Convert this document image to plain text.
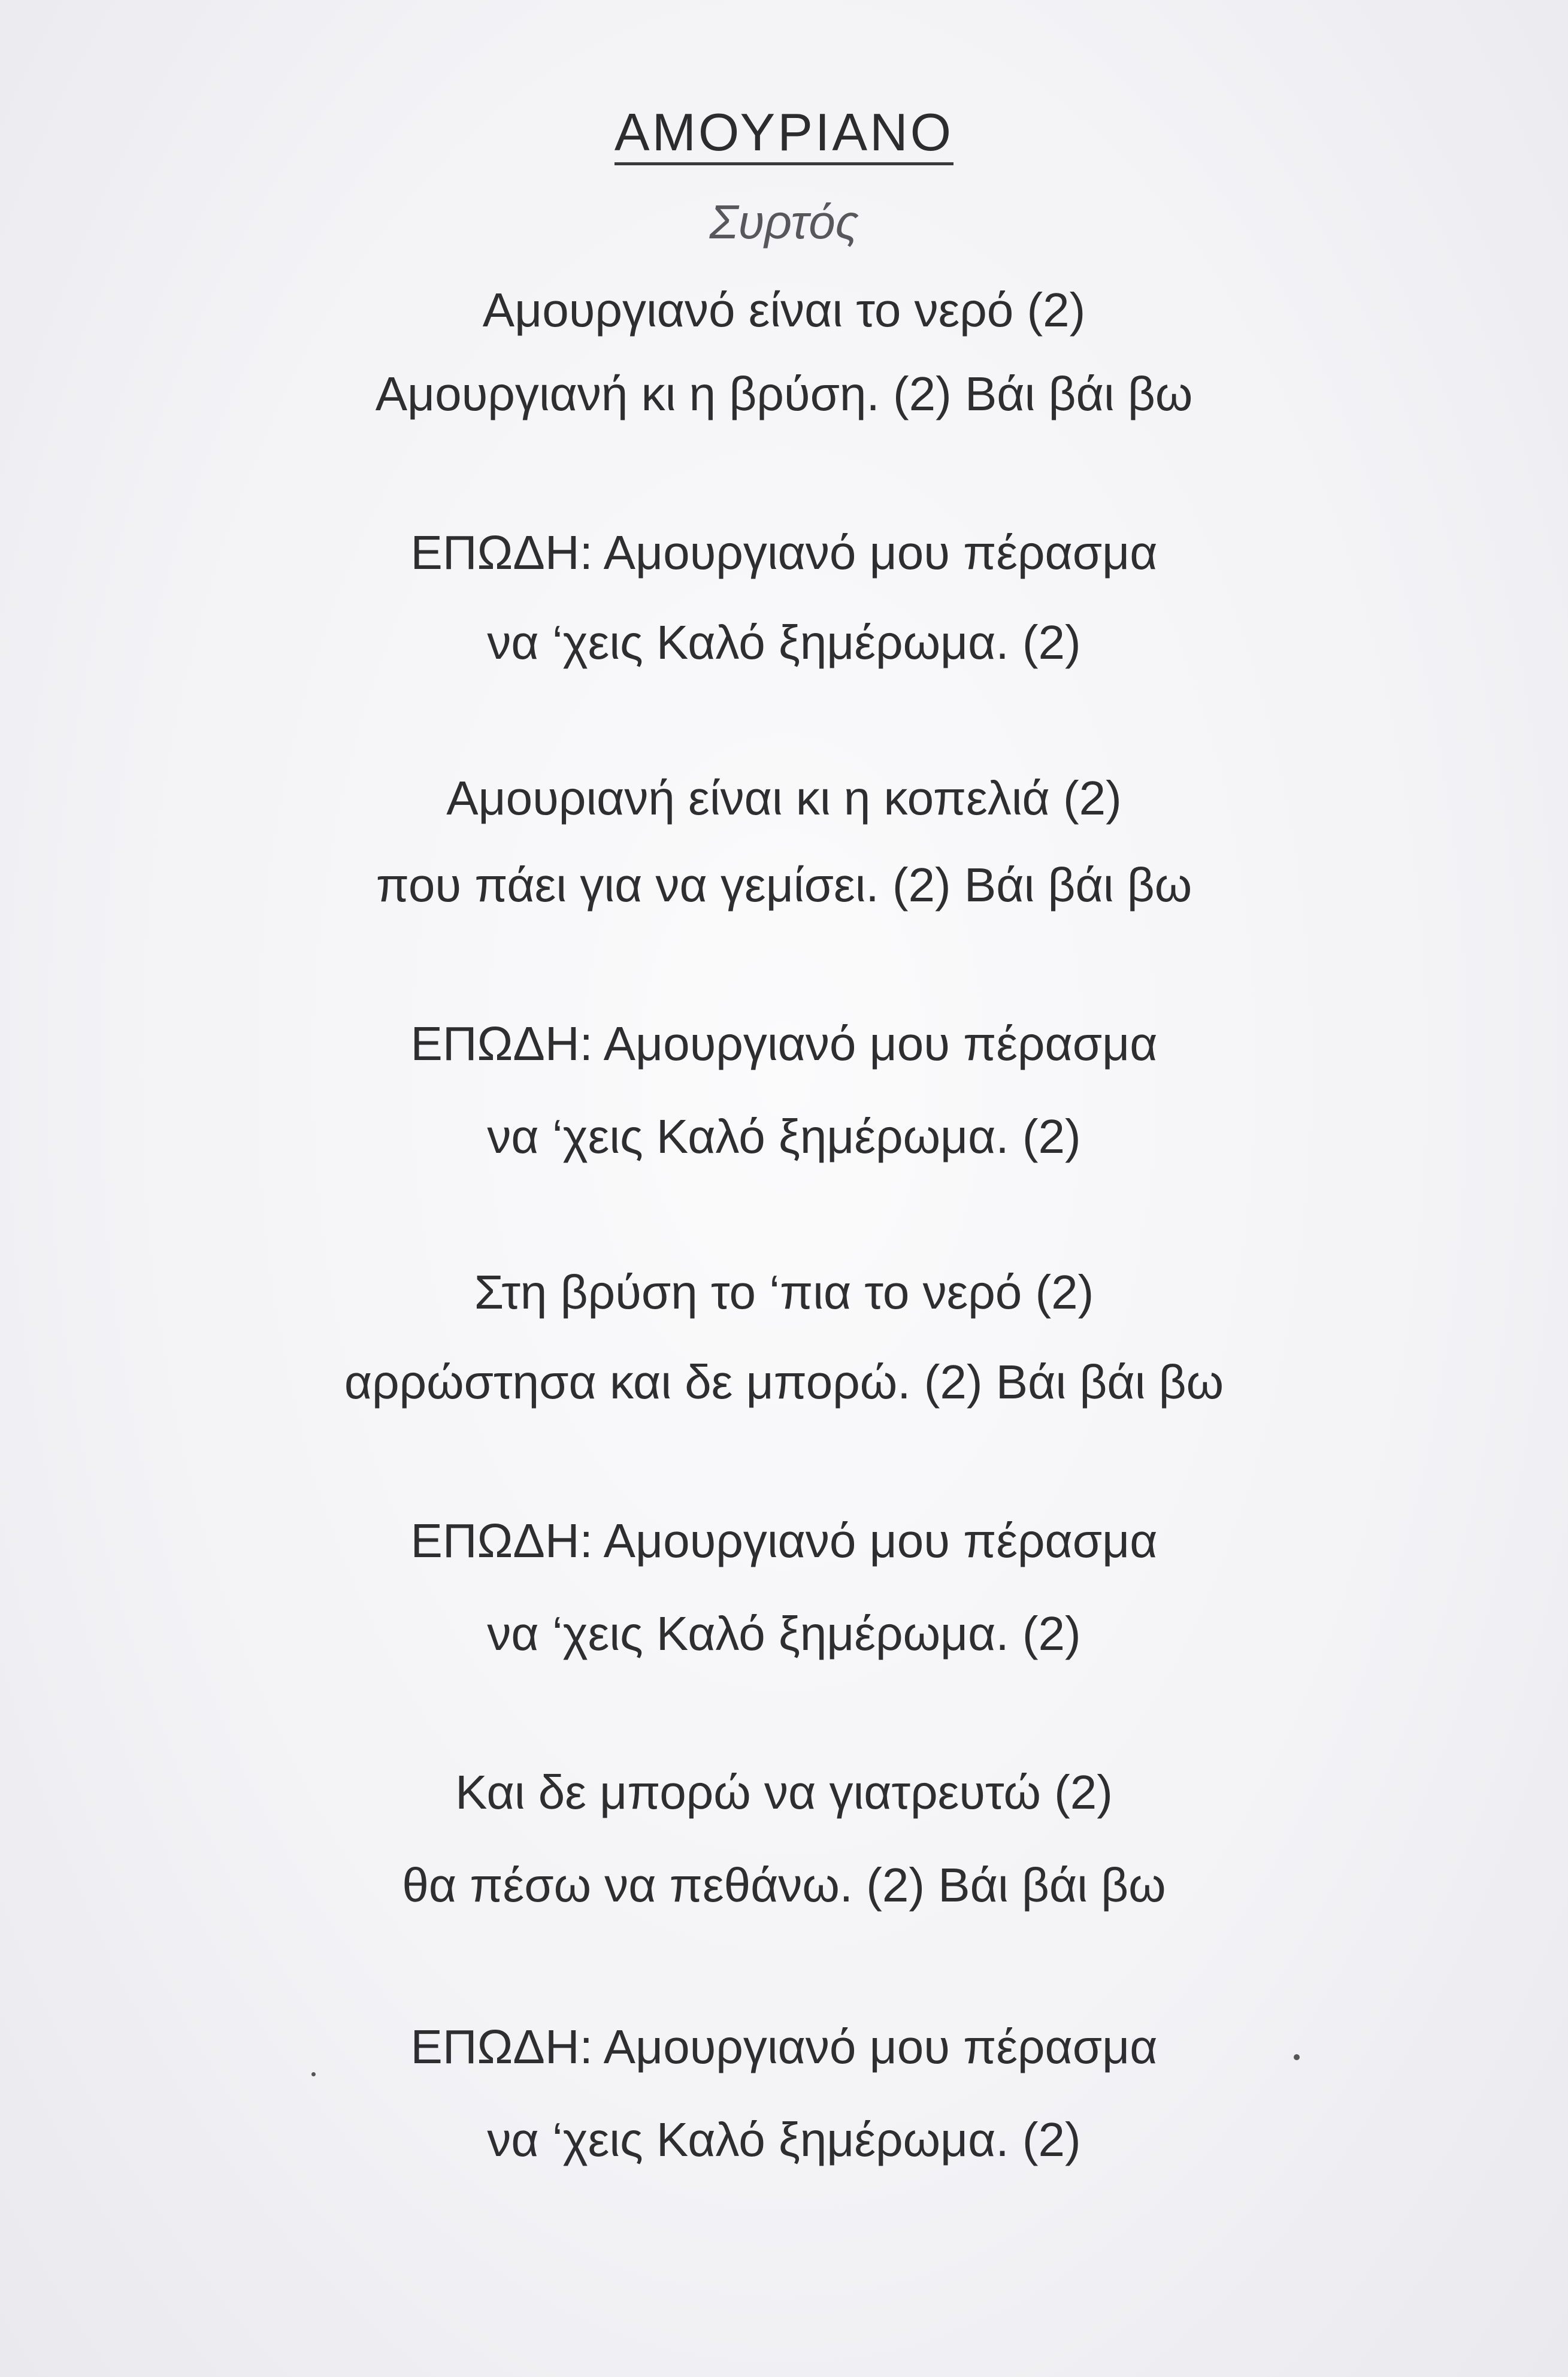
ΑΜΟΥΡΙΑΝΟ
Συρτός
Αμουργιανό είναι το νερό (2)
Αμουργιανή κι η βρύση. (2) Βάι βάι βω
ΕΠΩΔΗ: Αμουργιανό μου πέρασμα
να ‘χεις Καλό ξημέρωμα. (2)
Αμουριανή είναι κι η κοπελιά (2)
που πάει για να γεμίσει. (2) Βάι βάι βω
ΕΠΩΔΗ: Αμουργιανό μου πέρασμα
να ‘χεις Καλό ξημέρωμα. (2)
Στη βρύση το ‘πια το νερό (2)
αρρώστησα και δε μπορώ. (2) Βάι βάι βω
ΕΠΩΔΗ: Αμουργιανό μου πέρασμα
να ‘χεις Καλό ξημέρωμα. (2)
Και δε μπορώ να γιατρευτώ (2)
θα πέσω να πεθάνω. (2) Βάι βάι βω
ΕΠΩΔΗ: Αμουργιανό μου πέρασμα
να ‘χεις Καλό ξημέρωμα. (2)
